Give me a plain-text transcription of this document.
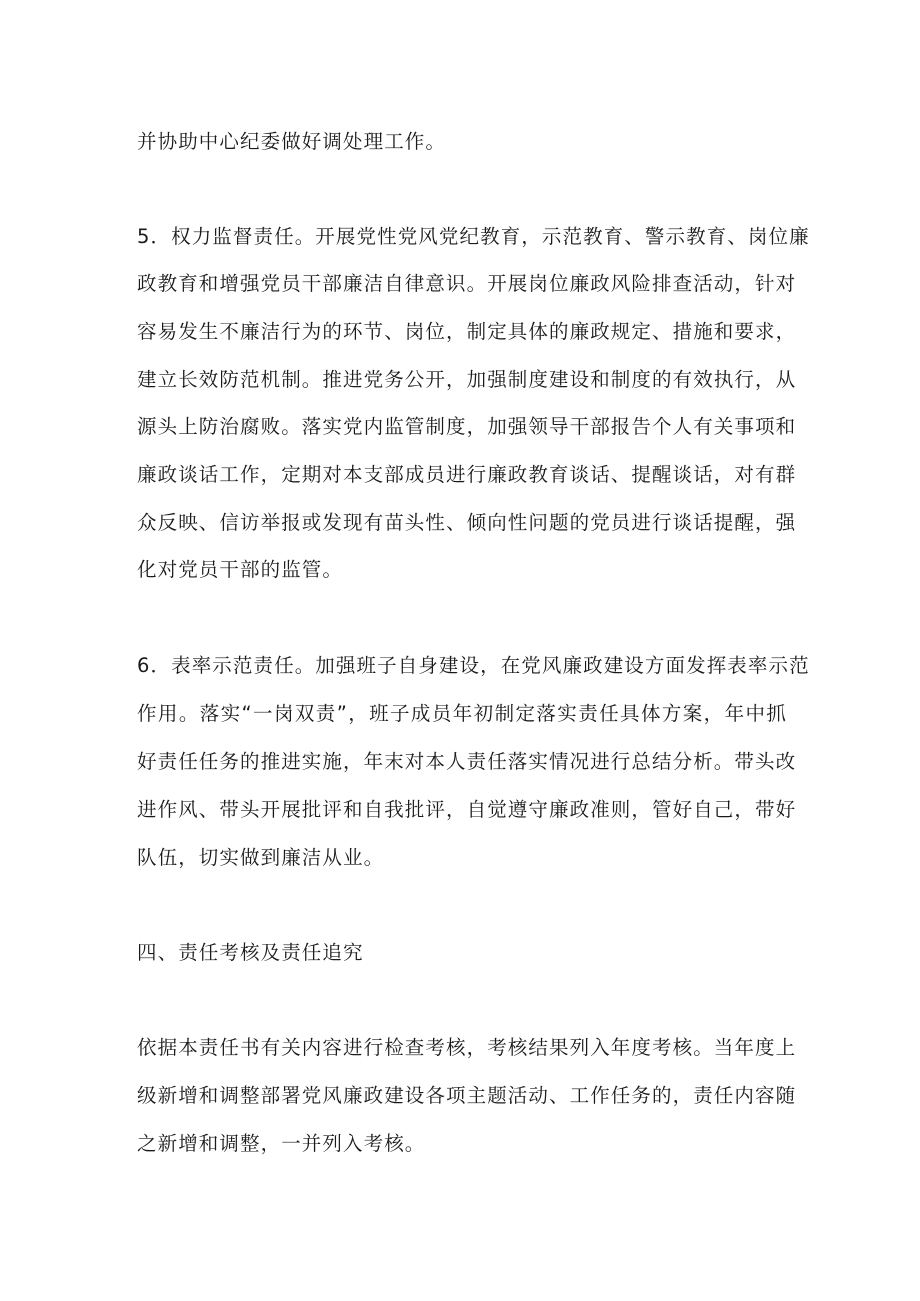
并协助中心纪委做好调处理工作。
5．权力监督责任。开展党性党风党纪教育，示范教育、警示教育、岗位廉
政教育和增强党员干部廉洁自律意识。开展岗位廉政风险排查活动，针对
容易发生不廉洁行为的环节、岗位，制定具体的廉政规定、措施和要求，
建立长效防范机制。推进党务公开，加强制度建设和制度的有效执行，从
源头上防治腐败。落实党内监管制度，加强领导干部报告个人有关事项和
廉政谈话工作，定期对本支部成员进行廉政教育谈话、提醒谈话，对有群
众反映、信访举报或发现有苗头性、倾向性问题的党员进行谈话提醒，强
化对党员干部的监管。
6．表率示范责任。加强班子自身建设，在党风廉政建设方面发挥表率示范
作用。落实“一岗双责”，班子成员年初制定落实责任具体方案，年中抓
好责任任务的推进实施，年末对本人责任落实情况进行总结分析。带头改
进作风、带头开展批评和自我批评，自觉遵守廉政准则，管好自己，带好
队伍，切实做到廉洁从业。
四、责任考核及责任追究
依据本责任书有关内容进行检查考核，考核结果列入年度考核。当年度上
级新增和调整部署党风廉政建设各项主题活动、工作任务的，责任内容随
之新增和调整，一并列入考核。
